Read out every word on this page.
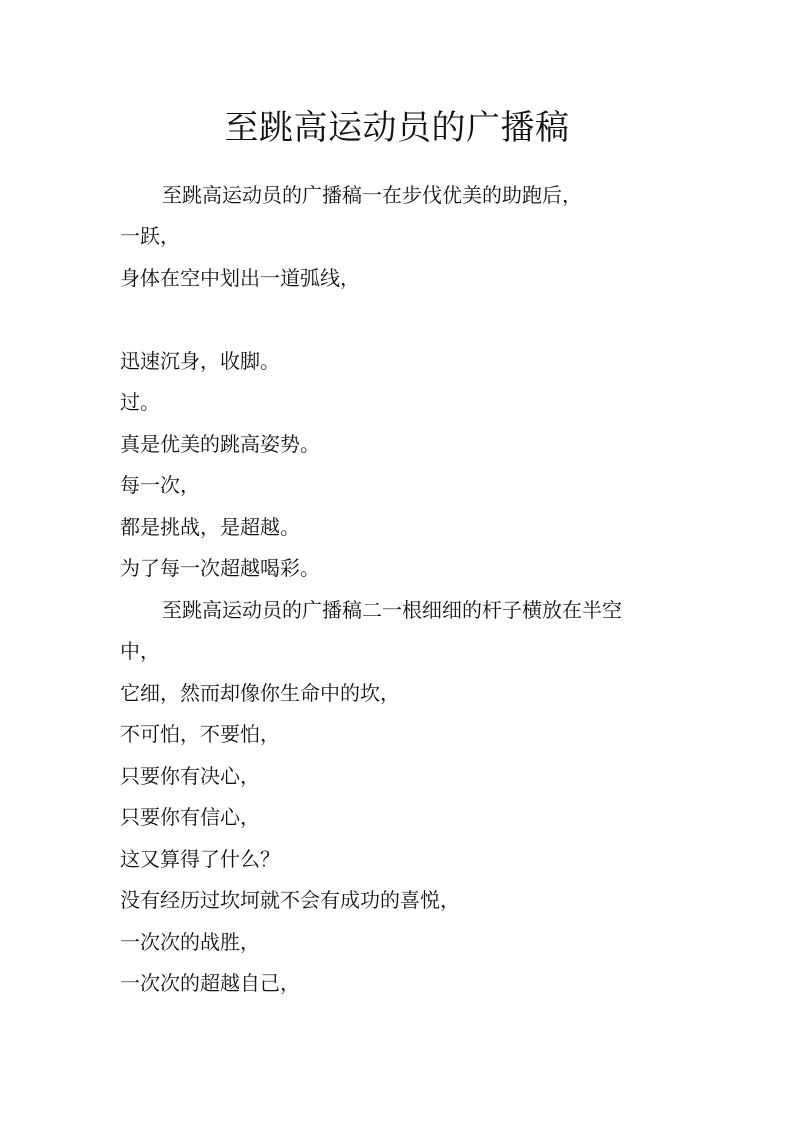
至跳高运动员的广播稿

至跳高运动员的广播稿一在步伐优美的助跑后，

一跃，

身体在空中划出一道弧线，

迅速沉身，收脚。

过。

真是优美的跳高姿势。

每一次，

都是挑战，是超越。

为了每一次超越喝彩。

至跳高运动员的广播稿二一根细细的杆子横放在半空

中，

它细，然而却像你生命中的坎，

不可怕，不要怕，

只要你有决心，

只要你有信心，

这又算得了什么？

没有经历过坎坷就不会有成功的喜悦，

一次次的战胜，

一次次的超越自己，
